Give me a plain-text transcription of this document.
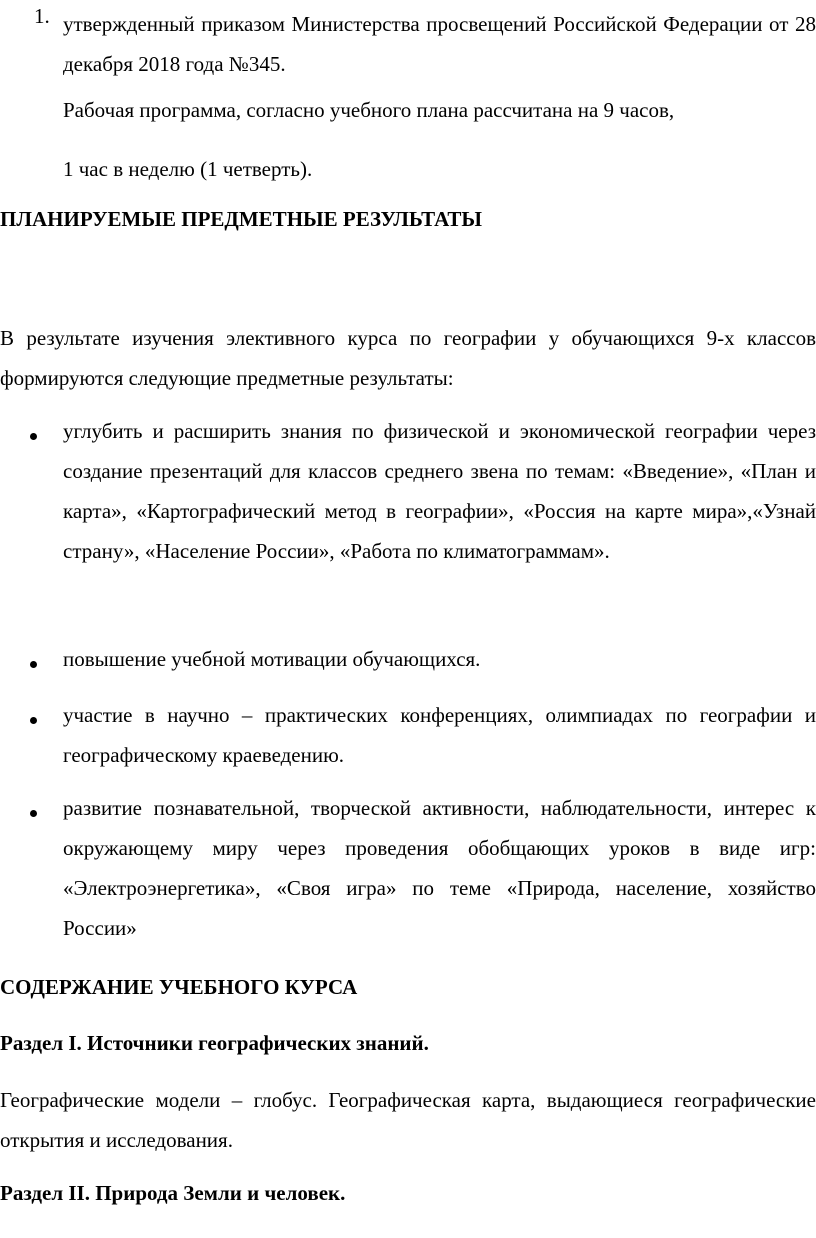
1. утвержденный приказом Министерства просвещений Российской Федерации от 28 декабря 2018 года №345.
Рабочая программа, согласно учебного плана рассчитана на 9 часов,
1 час в неделю (1 четверть).
ПЛАНИРУЕМЫЕ ПРЕДМЕТНЫЕ РЕЗУЛЬТАТЫ
В результате изучения элективного курса по географии у обучающихся 9-х классов формируются следующие предметные результаты:
углубить и расширить знания по физической и экономической географии через создание презентаций для классов среднего звена по темам: «Введение», «План и карта», «Картографический метод в географии», «Россия на карте мира»,«Узнай страну», «Население России», «Работа по климатограммам».
повышение учебной мотивации обучающихся.
участие в научно – практических конференциях, олимпиадах по географии и географическому краеведению.
развитие познавательной, творческой активности, наблюдательности, интерес к окружающему миру через проведения обобщающих уроков в виде игр: «Электроэнергетика», «Своя игра» по теме «Природа, население, хозяйство России»
СОДЕРЖАНИЕ УЧЕБНОГО КУРСА
Раздел I. Источники географических знаний.
Географические модели – глобус. Географическая карта, выдающиеся географические открытия и исследования.
Раздел II. Природа Земли и человек.
